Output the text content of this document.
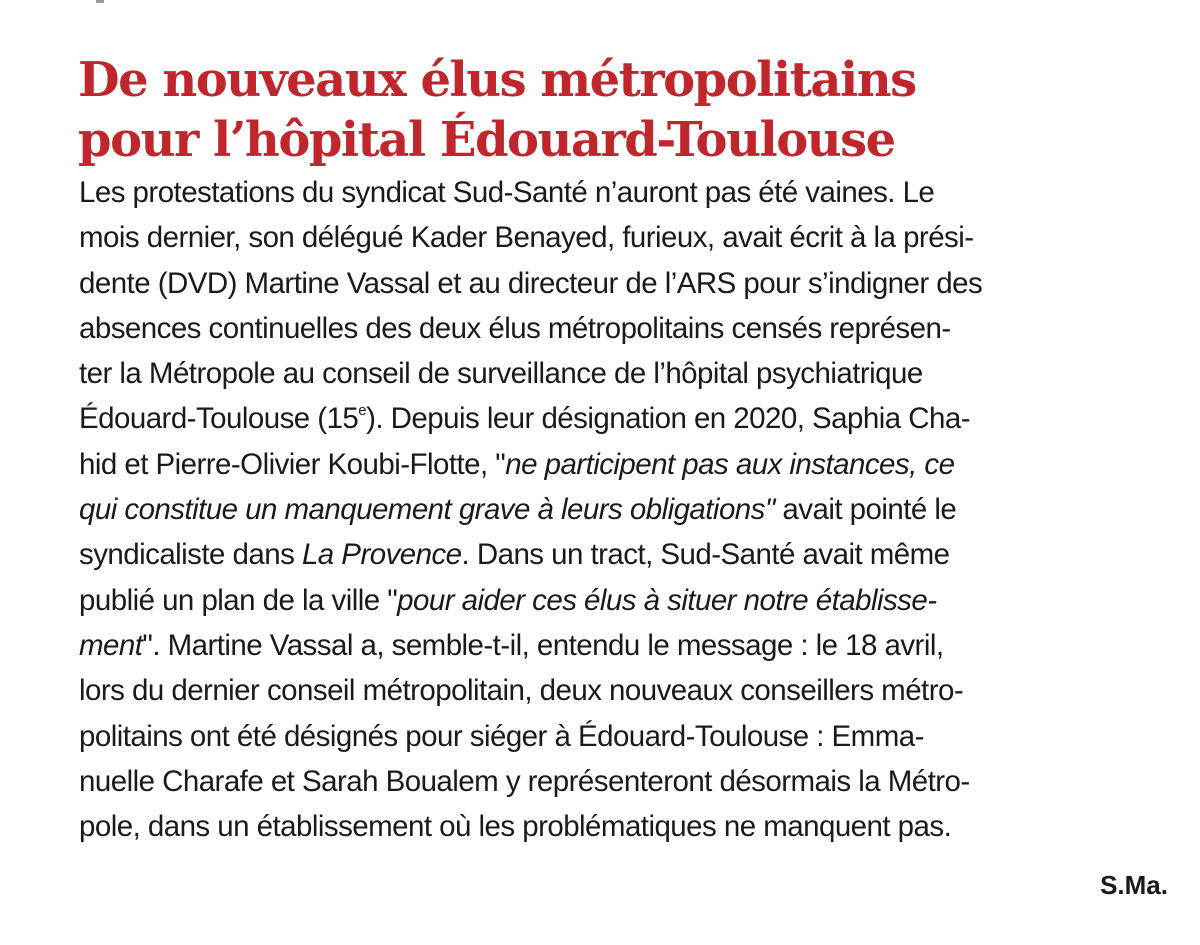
De nouveaux élus métropolitains
pour l’hôpital Édouard-Toulouse
Les protestations du syndicat Sud-Santé n’auront pas été vaines. Le
mois dernier, son délégué Kader Benayed, furieux, avait écrit à la prési-
dente (DVD) Martine Vassal et au directeur de l’ARS pour s’indigner des
absences continuelles des deux élus métropolitains censés représen-
ter la Métropole au conseil de surveillance de l’hôpital psychiatrique
Édouard-Toulouse (15e). Depuis leur désignation en 2020, Saphia Cha-
hid et Pierre-Olivier Koubi-Flotte, "ne participent pas aux instances, ce
qui constitue un manquement grave à leurs obligations" avait pointé le
syndicaliste dans La Provence. Dans un tract, Sud-Santé avait même
publié un plan de la ville "pour aider ces élus à situer notre établisse-
ment". Martine Vassal a, semble-t-il, entendu le message : le 18 avril,
lors du dernier conseil métropolitain, deux nouveaux conseillers métro-
politains ont été désignés pour siéger à Édouard-Toulouse : Emma-
nuelle Charafe et Sarah Boualem y représenteront désormais la Métro-
pole, dans un établissement où les problématiques ne manquent pas.
S.Ma.
